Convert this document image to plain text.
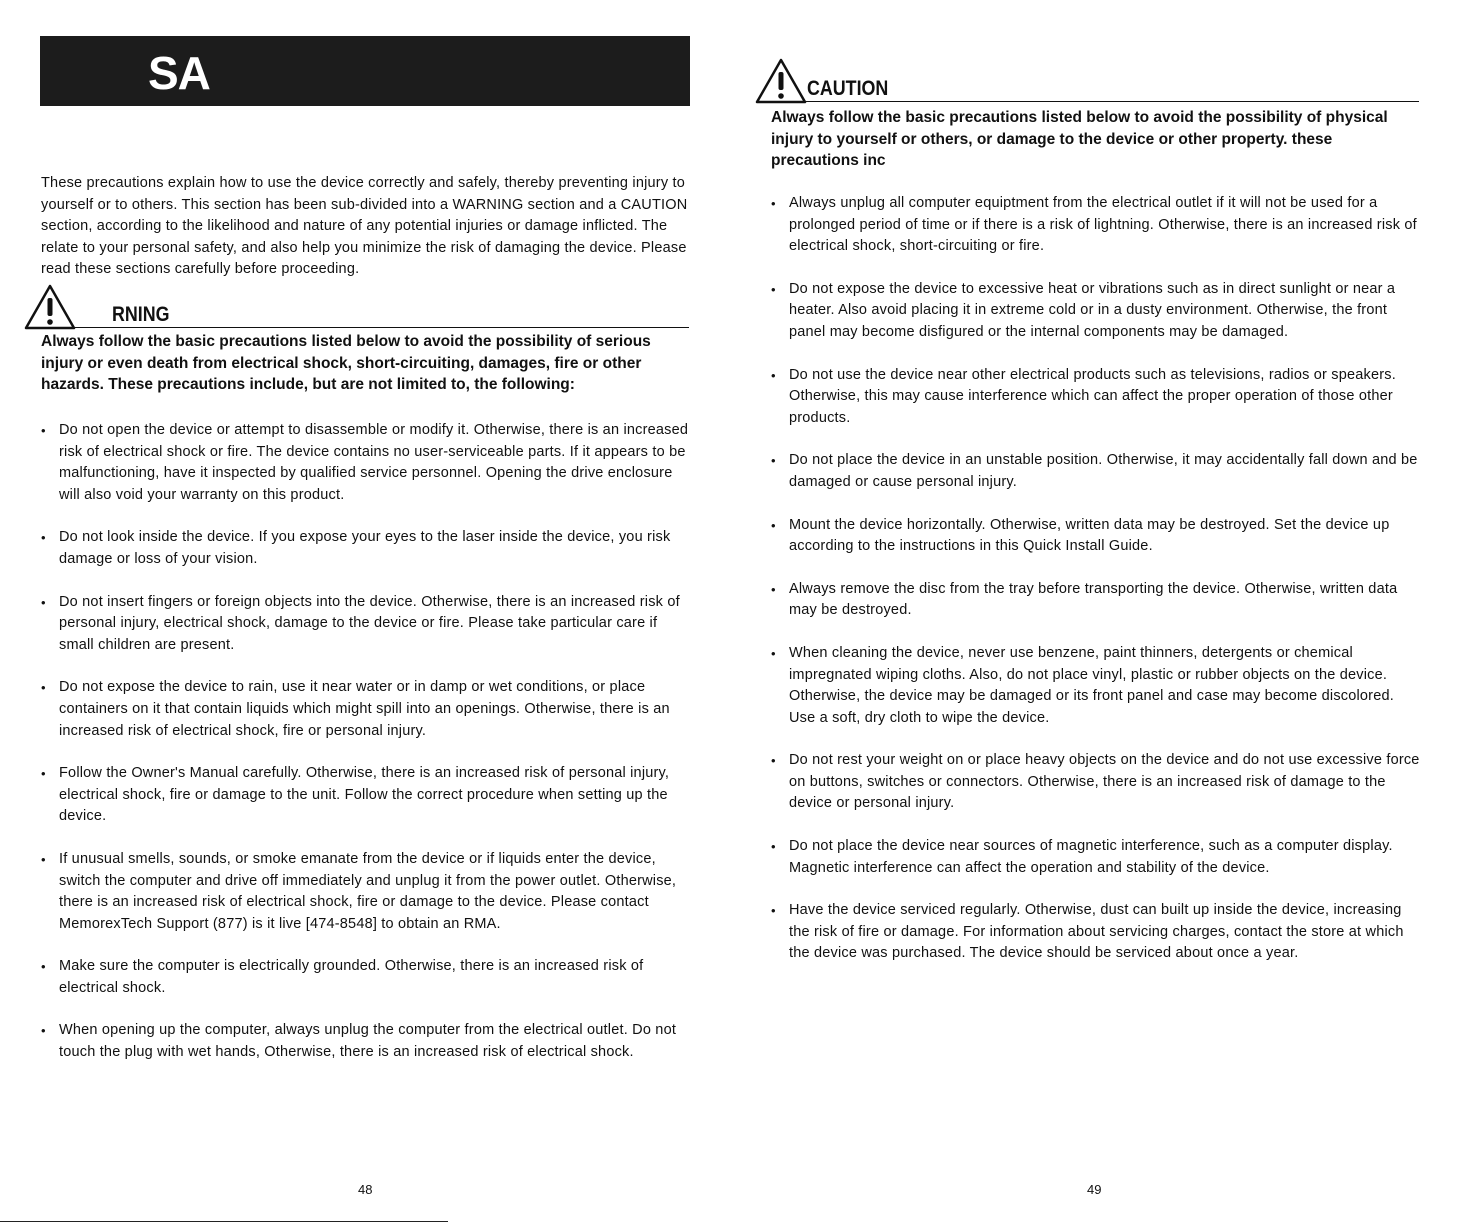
SA

These precautions explain how to use the device correctly and safely, thereby preventing injury to yourself or to others. This section has been sub-divided into a WARNING section and a CAUTION section, according to the likelihood and nature of any potential injuries or damage inflicted. The relate to your personal safety, and also help you minimize the risk of damaging the device. Please read these sections carefully before proceeding.

RNING

Always follow the basic precautions listed below to avoid the possibility of serious injury or even death from electrical shock, short-circuiting, damages, fire or other hazards. These precautions include, but are not limited to, the following:

• Do not open the device or attempt to disassemble or modify it. Otherwise, there is an increased risk of electrical shock or fire. The device contains no user-serviceable parts. If it appears to be malfunctioning, have it inspected by qualified service personnel. Opening the drive enclosure will also void your warranty on this product.
• Do not look inside the device. If you expose your eyes to the laser inside the device, you risk damage or loss of your vision.
• Do not insert fingers or foreign objects into the device. Otherwise, there is an increased risk of personal injury, electrical shock, damage to the device or fire. Please take particular care if small children are present.
• Do not expose the device to rain, use it near water or in damp or wet conditions, or place containers on it that contain liquids which might spill into an openings. Otherwise, there is an increased risk of electrical shock, fire or personal injury.
• Follow the Owner's Manual carefully. Otherwise, there is an increased risk of personal injury, electrical shock, fire or damage to the unit. Follow the correct procedure when setting up the device.
• If unusual smells, sounds, or smoke emanate from the device or if liquids enter the device, switch the computer and drive off immediately and unplug it from the power outlet. Otherwise, there is an increased risk of electrical shock, fire or damage to the device. Please contact MemorexTech Support (877) is it live [474-8548] to obtain an RMA.
• Make sure the computer is electrically grounded. Otherwise, there is an increased risk of electrical shock.
• When opening up the computer, always unplug the computer from the electrical outlet. Do not touch the plug with wet hands, Otherwise, there is an increased risk of electrical shock.
48
CAUTION

Always follow the basic precautions listed below to avoid the possibility of physical injury to yourself or others, or damage to the device or other property. these precautions inc

• Always unplug all computer equiptment from the electrical outlet if it will not be used for a prolonged period of time or if there is a risk of lightning. Otherwise, there is an increased risk of electrical shock, short-circuiting or fire.
• Do not expose the device to excessive heat or vibrations such as in direct sunlight or near a heater. Also avoid placing it in extreme cold or in a dusty environment. Otherwise, the front panel may become disfigured or the internal components may be damaged.
• Do not use the device near other electrical products such as televisions, radios or speakers. Otherwise, this may cause interference which can affect the proper operation of those other products.
• Do not place the device in an unstable position. Otherwise, it may accidentally fall down and be damaged or cause personal injury.
• Mount the device horizontally. Otherwise, written data may be destroyed. Set the device up according to the instructions in this Quick Install Guide.
• Always remove the disc from the tray before transporting the device. Otherwise, written data may be destroyed.
• When cleaning the device, never use benzene, paint thinners, detergents or chemical impregnated wiping cloths. Also, do not place vinyl, plastic or rubber objects on the device. Otherwise, the device may be damaged or its front panel and case may become discolored. Use a soft, dry cloth to wipe the device.
• Do not rest your weight on or place heavy objects on the device and do not use excessive force on buttons, switches or connectors. Otherwise, there is an increased risk of damage to the device or personal injury.
• Do not place the device near sources of magnetic interference, such as a computer display. Magnetic interference can affect the operation and stability of the device.
• Have the device serviced regularly. Otherwise, dust can built up inside the device, increasing the risk of fire or damage. For information about servicing charges, contact the store at which the device was purchased. The device should be serviced about once a year.
49
